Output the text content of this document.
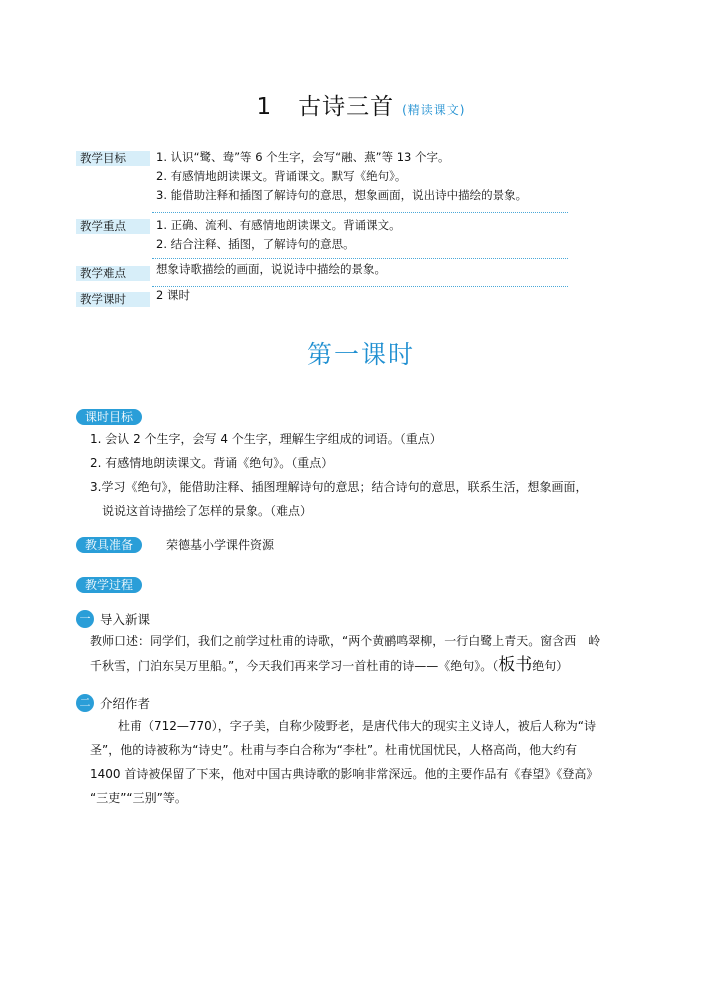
1 古诗三首 (精读课文)
教学目标	1. 认识“鹭、鸯”等 6 个生字，会写“融、燕”等 13 个字。
2. 有感情地朗读课文。背诵课文。默写《绝句》。
3. 能借助注释和插图了解诗句的意思，想象画面，说出诗中描绘的景象。
教学重点	1. 正确、流利、有感情地朗读课文。背诵课文。
2. 结合注释、插图，了解诗句的意思。
教学难点	想象诗歌描绘的画面，说说诗中描绘的景象。
教学课时	2 课时
第一课时
课时目标
1. 会认 2 个生字，会写 4 个生字，理解生字组成的词语。（重点）
2. 有感情地朗读课文。背诵《绝句》。（重点）
3.学习《绝句》，能借助注释、插图理解诗句的意思；结合诗句的意思，联系生活，想象画面，
说说这首诗描绘了怎样的景象。（难点）
教具准备	荣德基小学课件资源
教学过程
一 导入新课
教师口述：同学们，我们之前学过杜甫的诗歌，“两个黄鹂鸣翠柳，一行白鹭上青天。窗含西　岭
千秋雪，门泊东吴万里船。”，今天我们再来学习一首杜甫的诗——《绝句》。（板书绝句）
二 介绍作者
杜甫（712—770），字子美，自称少陵野老，是唐代伟大的现实主义诗人，被后人称为“诗
圣”，他的诗被称为“诗史”。杜甫与李白合称为“李杜”。杜甫忧国忧民，人格高尚，他大约有
1400 首诗被保留了下来，他对中国古典诗歌的影响非常深远。他的主要作品有《春望》《登高》
“三吏”“三别”等。
